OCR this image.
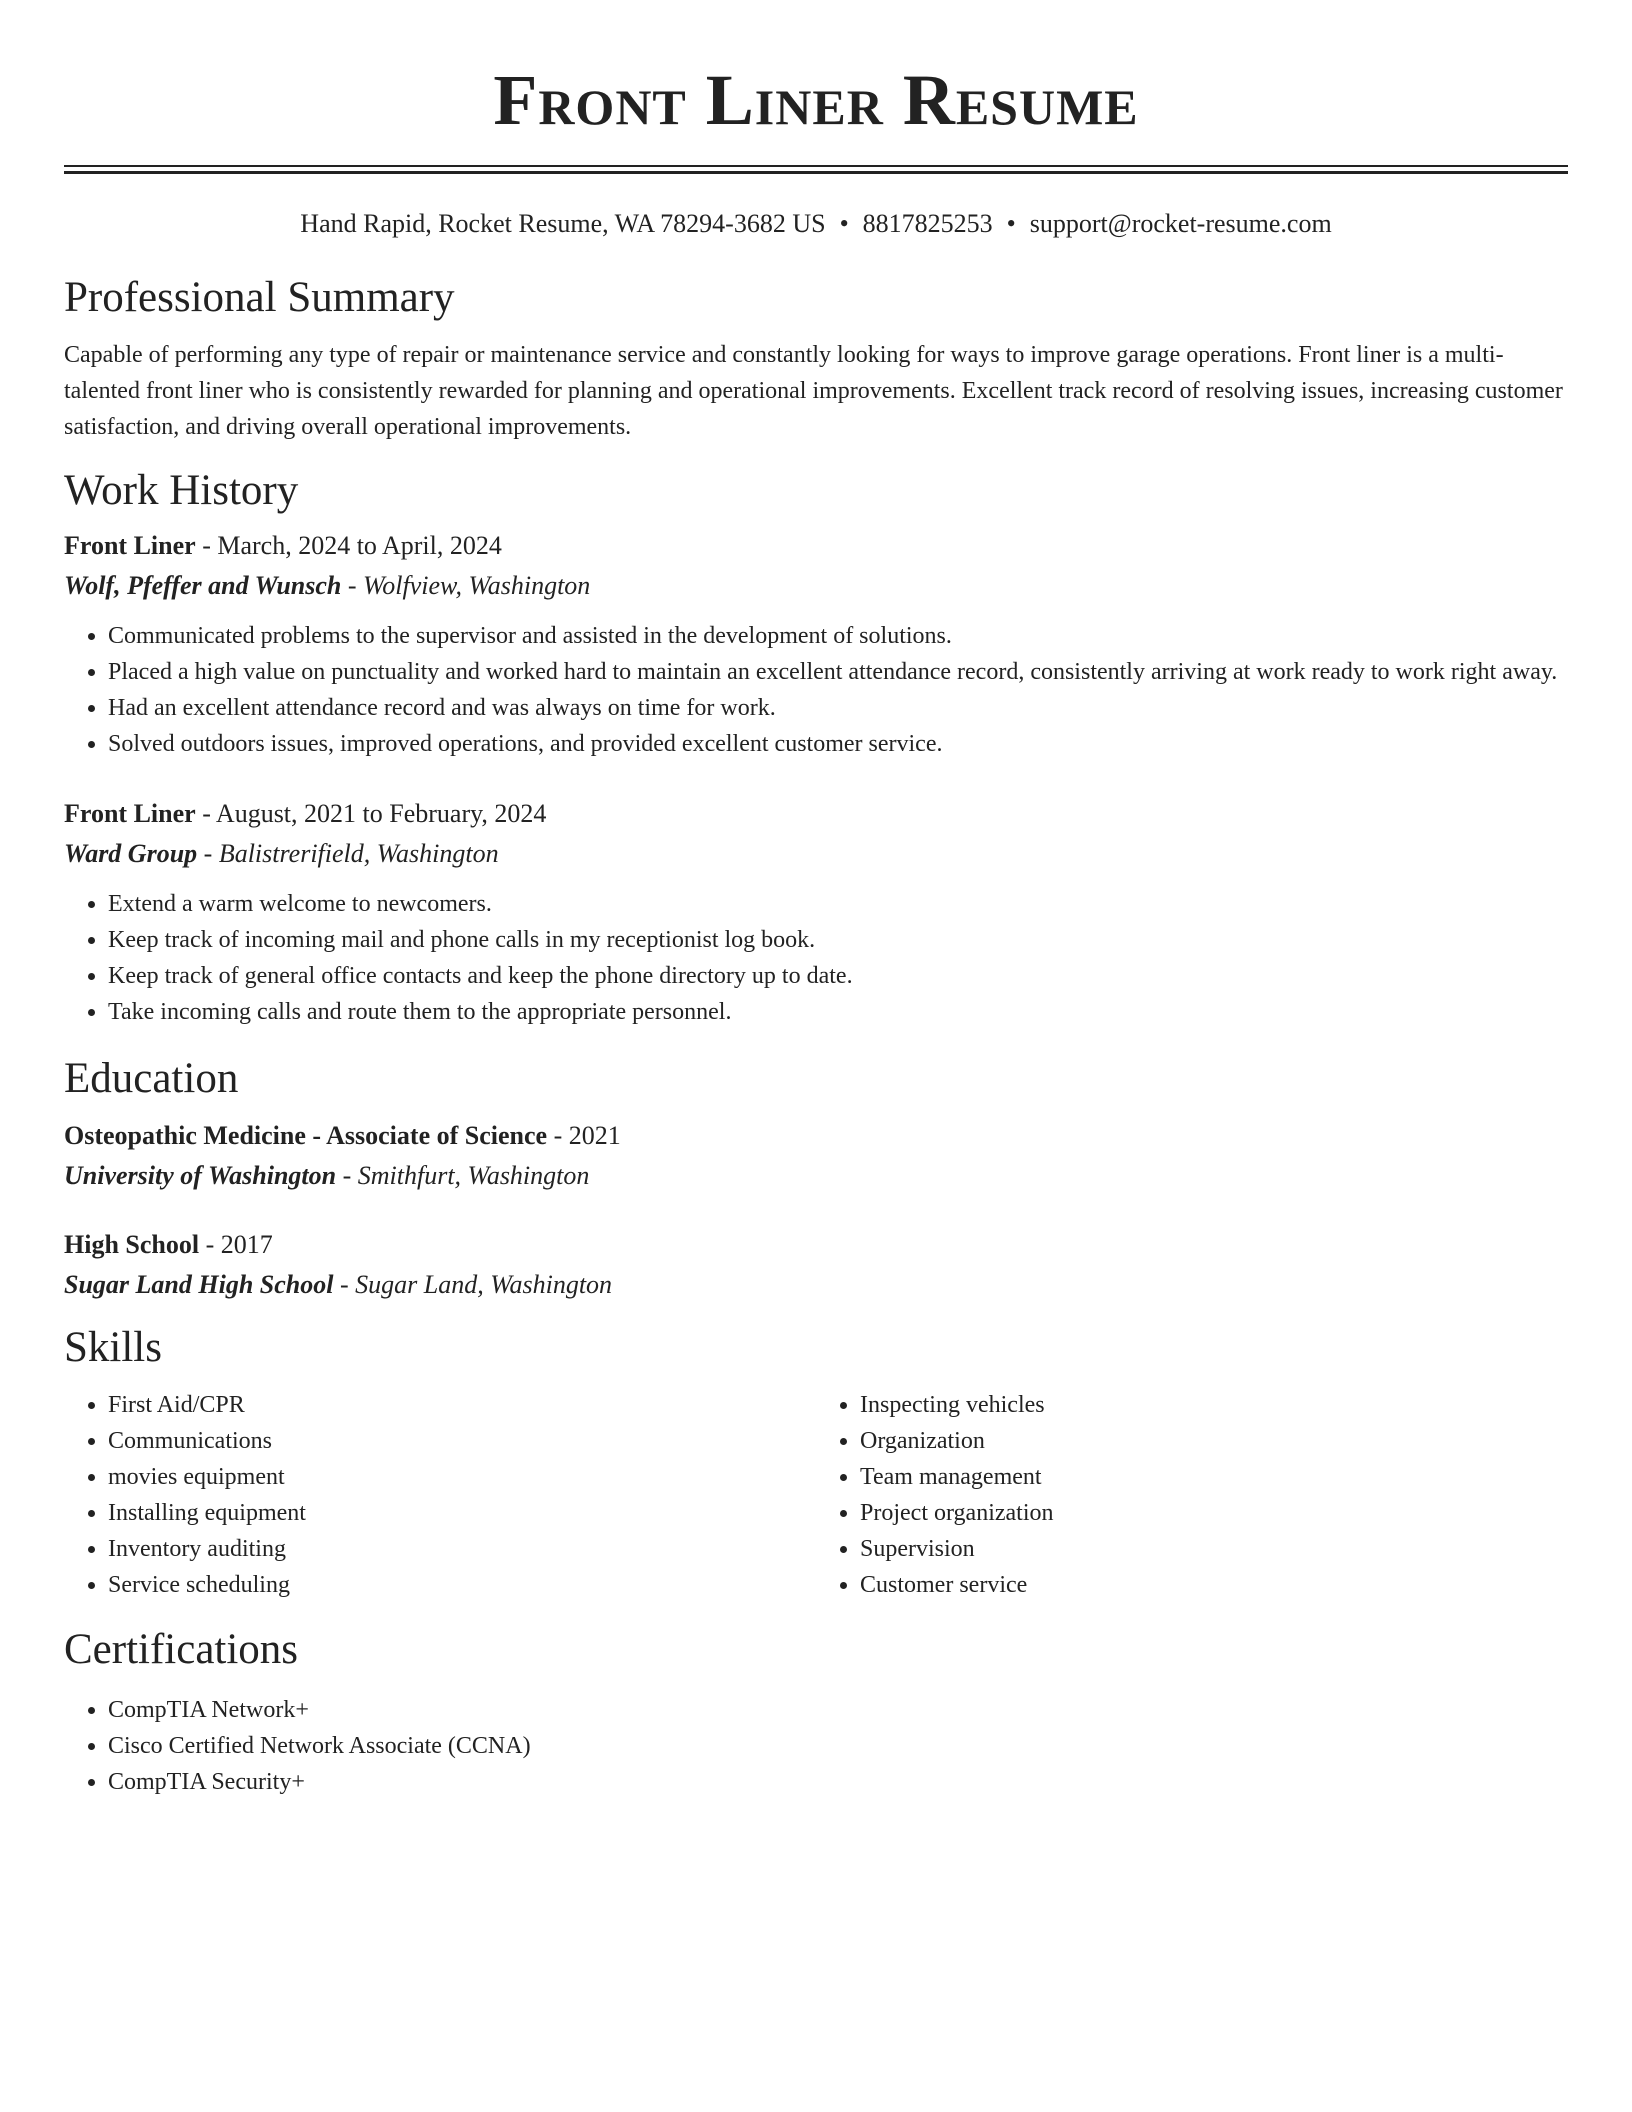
Front Liner Resume
Hand Rapid, Rocket Resume, WA 78294-3682 US • 8817825253 • support@rocket-resume.com
Professional Summary

Capable of performing any type of repair or maintenance service and constantly looking for ways to improve garage operations. Front liner is a multi-talented front liner who is consistently rewarded for planning and operational improvements. Excellent track record of resolving issues, increasing customer satisfaction, and driving overall operational improvements.

Work History

Front Liner - March, 2024 to April, 2024

Wolf, Pfeffer and Wunsch - Wolfview, Washington

• Communicated problems to the supervisor and assisted in the development of solutions.
• Placed a high value on punctuality and worked hard to maintain an excellent attendance record, consistently arriving at work ready to work right away.
• Had an excellent attendance record and was always on time for work.
• Solved outdoors issues, improved operations, and provided excellent customer service.

Front Liner - August, 2021 to February, 2024

Ward Group - Balistrerifield, Washington

• Extend a warm welcome to newcomers.
• Keep track of incoming mail and phone calls in my receptionist log book.
• Keep track of general office contacts and keep the phone directory up to date.
• Take incoming calls and route them to the appropriate personnel.
Education

Osteopathic Medicine - Associate of Science - 2021

University of Washington - Smithfurt, Washington

High School - 2017

Sugar Land High School - Sugar Land, Washington

Skills
• First Aid/CPR
• Communications
• movies equipment
• Installing equipment
• Inventory auditing
• Service scheduling
• Inspecting vehicles
• Organization
• Team management
• Project organization
• Supervision
• Customer service
Certifications
• CompTIA Network+
• Cisco Certified Network Associate (CCNA)
• CompTIA Security+
